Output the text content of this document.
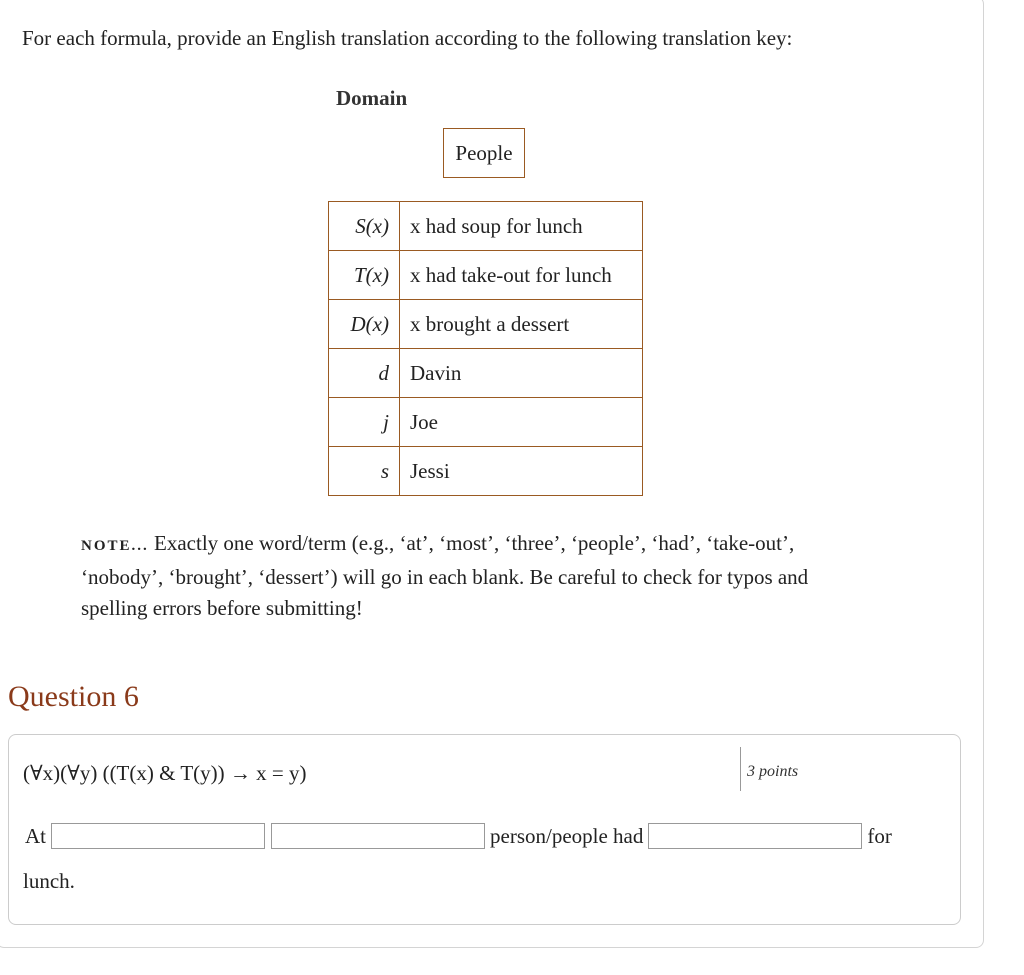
For each formula, provide an English translation according to the following translation key:
Domain
People
S(x)	x had soup for lunch
T(x)	x had take-out for lunch
D(x)	x brought a dessert
d	Davin
j	Joe
s	Jessi
NOTE... Exactly one word/term (e.g., ‘at’, ‘most’, ‘three’, ‘people’, ‘had’, ‘take-out’, ‘nobody’, ‘brought’, ‘dessert’) will go in each blank. Be careful to check for typos and spelling errors before submitting!
Question 6
(∀x)(∀y) ((T(x) & T(y)) → x = y)	3 points
At	person/people had	for
lunch.
